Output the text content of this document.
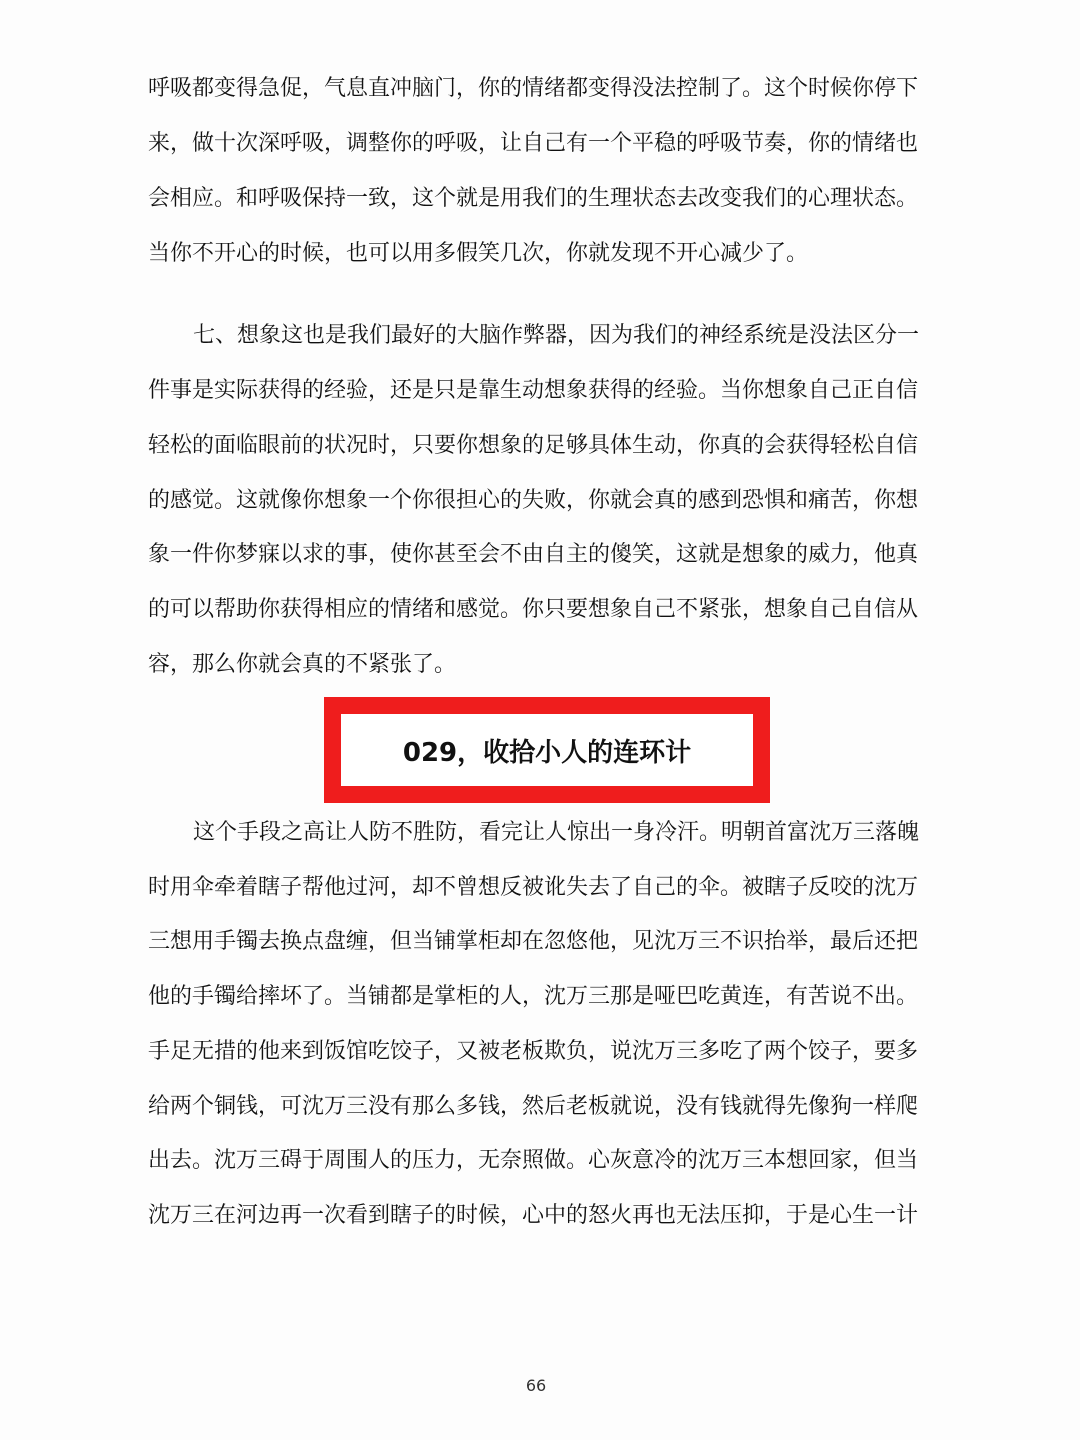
呼吸都变得急促，气息直冲脑门，你的情绪都变得没法控制了。这个时候你停下
来，做十次深呼吸，调整你的呼吸，让自己有一个平稳的呼吸节奏，你的情绪也
会相应。和呼吸保持一致，这个就是用我们的生理状态去改变我们的心理状态。
当你不开心的时候，也可以用多假笑几次，你就发现不开心减少了。
七、想象这也是我们最好的大脑作弊器，因为我们的神经系统是没法区分一
件事是实际获得的经验，还是只是靠生动想象获得的经验。当你想象自己正自信
轻松的面临眼前的状况时，只要你想象的足够具体生动，你真的会获得轻松自信
的感觉。这就像你想象一个你很担心的失败，你就会真的感到恐惧和痛苦，你想
象一件你梦寐以求的事，使你甚至会不由自主的傻笑，这就是想象的威力，他真
的可以帮助你获得相应的情绪和感觉。你只要想象自己不紧张，想象自己自信从
容，那么你就会真的不紧张了。
029，收拾小人的连环计
这个手段之高让人防不胜防，看完让人惊出一身冷汗。明朝首富沈万三落魄
时用伞牵着瞎子帮他过河，却不曾想反被讹失去了自己的伞。被瞎子反咬的沈万
三想用手镯去换点盘缠，但当铺掌柜却在忽悠他，见沈万三不识抬举，最后还把
他的手镯给摔坏了。当铺都是掌柜的人，沈万三那是哑巴吃黄连，有苦说不出。
手足无措的他来到饭馆吃饺子，又被老板欺负，说沈万三多吃了两个饺子，要多
给两个铜钱，可沈万三没有那么多钱，然后老板就说，没有钱就得先像狗一样爬
出去。沈万三碍于周围人的压力，无奈照做。心灰意冷的沈万三本想回家，但当
沈万三在河边再一次看到瞎子的时候，心中的怒火再也无法压抑，于是心生一计
66
